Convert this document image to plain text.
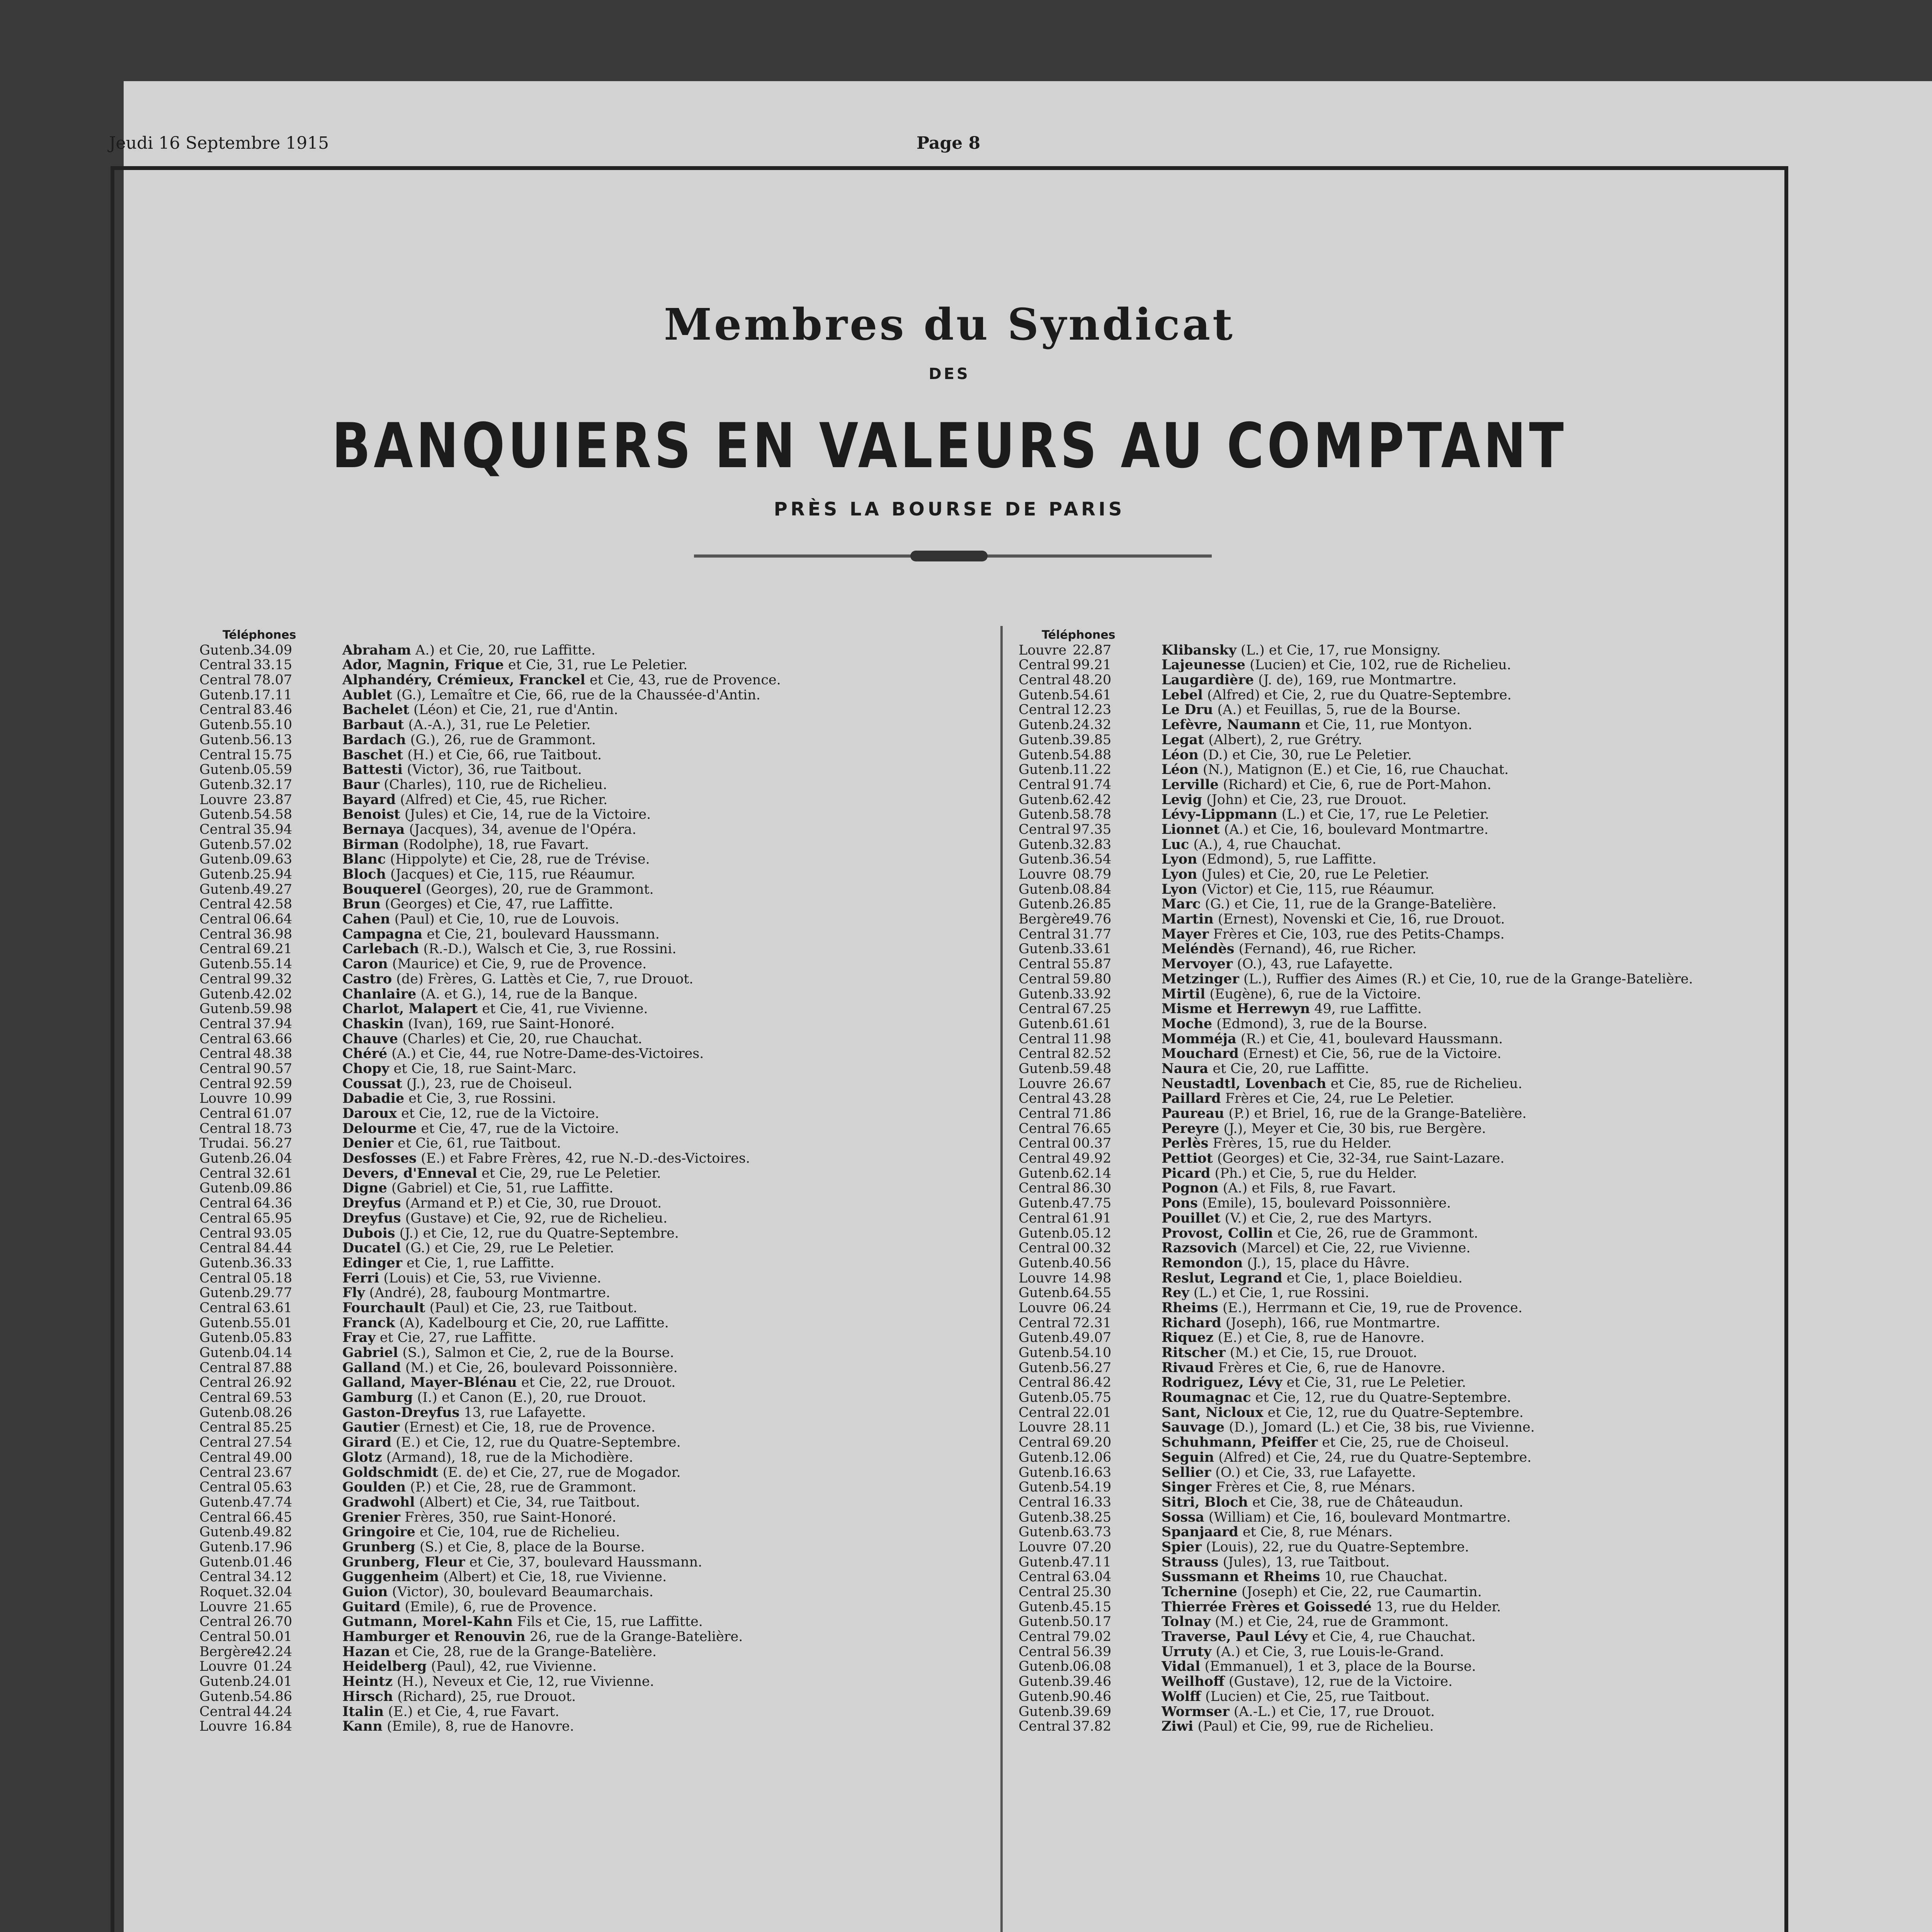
Jeudi 16 Septembre 1915	Page 8
Membres du Syndicat
DES
BANQUIERS EN VALEURS AU COMPTANT
PRÈS LA BOURSE DE PARIS
Téléphones
Gutenb.34.09	Abraham A.) et Cie, 20, rue Laffitte.
Central 33.15	Ador, Magnin, Frique et Cie, 31, rue Le Peletier.
Central 78.07	Alphandéry, Crémieux, Franckel et Cie, 43, rue de Provence.
Gutenb.17.11	Aublet (G.), Lemaître et Cie, 66, rue de la Chaussée-d'Antin.
Central 83.46	Bachelet (Léon) et Cie, 21, rue d'Antin.
Gutenb.55.10	Barbaut (A.-A.), 31, rue Le Peletier.
Gutenb.56.13	Bardach (G.), 26, rue de Grammont.
Central 15.75	Baschet (H.) et Cie, 66, rue Taitbout.
Gutenb.05.59	Battesti (Victor), 36, rue Taitbout.
Gutenb.32.17	Baur (Charles), 110, rue de Richelieu.
Louvre 23.87	Bayard (Alfred) et Cie, 45, rue Richer.
Gutenb.54.58	Benoist (Jules) et Cie, 14, rue de la Victoire.
Central 35.94	Bernaya (Jacques), 34, avenue de l'Opéra.
Gutenb.57.02	Birman (Rodolphe), 18, rue Favart.
Gutenb.09.63	Blanc (Hippolyte) et Cie, 28, rue de Trévise.
Gutenb.25.94	Bloch (Jacques) et Cie, 115, rue Réaumur.
Gutenb.49.27	Bouquerel (Georges), 20, rue de Grammont.
Central 42.58	Brun (Georges) et Cie, 47, rue Laffitte.
Central 06.64	Cahen (Paul) et Cie, 10, rue de Louvois.
Central 36.98	Campagna et Cie, 21, boulevard Haussmann.
Central 69.21	Carlebach (R.-D.), Walsch et Cie, 3, rue Rossini.
Gutenb.55.14	Caron (Maurice) et Cie, 9, rue de Provence.
Central 99.32	Castro (de) Frères, G. Lattès et Cie, 7, rue Drouot.
Gutenb.42.02	Chanlaire (A. et G.), 14, rue de la Banque.
Gutenb.59.98	Charlot, Malapert et Cie, 41, rue Vivienne.
Central 37.94	Chaskin (Ivan), 169, rue Saint-Honoré.
Central 63.66	Chauve (Charles) et Cie, 20, rue Chauchat.
Central 48.38	Chéré (A.) et Cie, 44, rue Notre-Dame-des-Victoires.
Central 90.57	Chopy et Cie, 18, rue Saint-Marc.
Central 92.59	Coussat (J.), 23, rue de Choiseul.
Louvre 10.99	Dabadie et Cie, 3, rue Rossini.
Central 61.07	Daroux et Cie, 12, rue de la Victoire.
Central 18.73	Delourme et Cie, 47, rue de la Victoire.
Trudai. 56.27	Denier et Cie, 61, rue Taitbout.
Gutenb.26.04	Desfosses (E.) et Fabre Frères, 42, rue N.-D.-des-Victoires.
Central 32.61	Devers, d'Enneval et Cie, 29, rue Le Peletier.
Gutenb.09.86	Digne (Gabriel) et Cie, 51, rue Laffitte.
Central 64.36	Dreyfus (Armand et P.) et Cie, 30, rue Drouot.
Central 65.95	Dreyfus (Gustave) et Cie, 92, rue de Richelieu.
Central 93.05	Dubois (J.) et Cie, 12, rue du Quatre-Septembre.
Central 84.44	Ducatel (G.) et Cie, 29, rue Le Peletier.
Gutenb.36.33	Edinger et Cie, 1, rue Laffitte.
Central 05.18	Ferri (Louis) et Cie, 53, rue Vivienne.
Gutenb.29.77	Fly (André), 28, faubourg Montmartre.
Central 63.61	Fourchault (Paul) et Cie, 23, rue Taitbout.
Gutenb.55.01	Franck (A), Kadelbourg et Cie, 20, rue Laffitte.
Gutenb.05.83	Fray et Cie, 27, rue Laffitte.
Gutenb.04.14	Gabriel (S.), Salmon et Cie, 2, rue de la Bourse.
Central 87.88	Galland (M.) et Cie, 26, boulevard Poissonnière.
Central 26.92	Galland, Mayer-Blénau et Cie, 22, rue Drouot.
Central 69.53	Gamburg (I.) et Canon (E.), 20, rue Drouot.
Gutenb.08.26	Gaston-Dreyfus 13, rue Lafayette.
Central 85.25	Gautier (Ernest) et Cie, 18, rue de Provence.
Central 27.54	Girard (E.) et Cie, 12, rue du Quatre-Septembre.
Central 49.00	Glotz (Armand), 18, rue de la Michodière.
Central 23.67	Goldschmidt (E. de) et Cie, 27, rue de Mogador.
Central 05.63	Goulden (P.) et Cie, 28, rue de Grammont.
Gutenb.47.74	Gradwohl (Albert) et Cie, 34, rue Taitbout.
Central 66.45	Grenier Frères, 350, rue Saint-Honoré.
Gutenb.49.82	Gringoire et Cie, 104, rue de Richelieu.
Gutenb.17.96	Grunberg (S.) et Cie, 8, place de la Bourse.
Gutenb.01.46	Grunberg, Fleur et Cie, 37, boulevard Haussmann.
Central 34.12	Guggenheim (Albert) et Cie, 18, rue Vivienne.
Roquet.32.04	Guion (Victor), 30, boulevard Beaumarchais.
Louvre 21.65	Guitard (Emile), 6, rue de Provence.
Central 26.70	Gutmann, Morel-Kahn Fils et Cie, 15, rue Laffitte.
Central 50.01	Hamburger et Renouvin 26, rue de la Grange-Batelière.
Bergère42.24	Hazan et Cie, 28, rue de la Grange-Batelière.
Louvre 01.24	Heidelberg (Paul), 42, rue Vivienne.
Gutenb.24.01	Heintz (H.), Neveux et Cie, 12, rue Vivienne.
Gutenb.54.86	Hirsch (Richard), 25, rue Drouot.
Central 44.24	Italin (E.) et Cie, 4, rue Favart.
Louvre 16.84	Kann (Emile), 8, rue de Hanovre.
Téléphones
Louvre 22.87	Klibansky (L.) et Cie, 17, rue Monsigny.
Central 99.21	Lajeunesse (Lucien) et Cie, 102, rue de Richelieu.
Central 48.20	Laugardière (J. de), 169, rue Montmartre.
Gutenb.54.61	Lebel (Alfred) et Cie, 2, rue du Quatre-Septembre.
Central 12.23	Le Dru (A.) et Feuillas, 5, rue de la Bourse.
Gutenb.24.32	Lefèvre, Naumann et Cie, 11, rue Montyon.
Gutenb.39.85	Legat (Albert), 2, rue Grétry.
Gutenb.54.88	Léon (D.) et Cie, 30, rue Le Peletier.
Gutenb.11.22	Léon (N.), Matignon (E.) et Cie, 16, rue Chauchat.
Central 91.74	Lerville (Richard) et Cie, 6, rue de Port-Mahon.
Gutenb.62.42	Levig (John) et Cie, 23, rue Drouot.
Gutenb.58.78	Lévy-Lippmann (L.) et Cie, 17, rue Le Peletier.
Central 97.35	Lionnet (A.) et Cie, 16, boulevard Montmartre.
Gutenb.32.83	Luc (A.), 4, rue Chauchat.
Gutenb.36.54	Lyon (Edmond), 5, rue Laffitte.
Louvre 08.79	Lyon (Jules) et Cie, 20, rue Le Peletier.
Gutenb.08.84	Lyon (Victor) et Cie, 115, rue Réaumur.
Gutenb.26.85	Marc (G.) et Cie, 11, rue de la Grange-Batelière.
Bergère49.76	Martin (Ernest), Novenski et Cie, 16, rue Drouot.
Central 31.77	Mayer Frères et Cie, 103, rue des Petits-Champs.
Gutenb.33.61	Meléndès (Fernand), 46, rue Richer.
Central 55.87	Mervoyer (O.), 43, rue Lafayette.
Central 59.80	Metzinger (L.), Ruffier des Aimes (R.) et Cie, 10, rue de la Grange-Batelière.
Gutenb.33.92	Mirtil (Eugène), 6, rue de la Victoire.
Central 67.25	Misme et Herrewyn 49, rue Laffitte.
Gutenb.61.61	Moche (Edmond), 3, rue de la Bourse.
Central 11.98	Momméja (R.) et Cie, 41, boulevard Haussmann.
Central 82.52	Mouchard (Ernest) et Cie, 56, rue de la Victoire.
Gutenb.59.48	Naura et Cie, 20, rue Laffitte.
Louvre 26.67	Neustadtl, Lovenbach et Cie, 85, rue de Richelieu.
Central 43.28	Paillard Frères et Cie, 24, rue Le Peletier.
Central 71.86	Paureau (P.) et Briel, 16, rue de la Grange-Batelière.
Central 76.65	Pereyre (J.), Meyer et Cie, 30 bis, rue Bergère.
Central 00.37	Perlès Frères, 15, rue du Helder.
Central 49.92	Pettiot (Georges) et Cie, 32-34, rue Saint-Lazare.
Gutenb.62.14	Picard (Ph.) et Cie, 5, rue du Helder.
Central 86.30	Pognon (A.) et Fils, 8, rue Favart.
Gutenb.47.75	Pons (Emile), 15, boulevard Poissonnière.
Central 61.91	Pouillet (V.) et Cie, 2, rue des Martyrs.
Gutenb.05.12	Provost, Collin et Cie, 26, rue de Grammont.
Central 00.32	Razsovich (Marcel) et Cie, 22, rue Vivienne.
Gutenb.40.56	Remondon (J.), 15, place du Hâvre.
Louvre 14.98	Reslut, Legrand et Cie, 1, place Boieldieu.
Gutenb.64.55	Rey (L.) et Cie, 1, rue Rossini.
Louvre 06.24	Rheims (E.), Herrmann et Cie, 19, rue de Provence.
Central 72.31	Richard (Joseph), 166, rue Montmartre.
Gutenb.49.07	Riquez (E.) et Cie, 8, rue de Hanovre.
Gutenb.54.10	Ritscher (M.) et Cie, 15, rue Drouot.
Gutenb.56.27	Rivaud Frères et Cie, 6, rue de Hanovre.
Central 86.42	Rodriguez, Lévy et Cie, 31, rue Le Peletier.
Gutenb.05.75	Roumagnac et Cie, 12, rue du Quatre-Septembre.
Central 22.01	Sant, Nicloux et Cie, 12, rue du Quatre-Septembre.
Louvre 28.11	Sauvage (D.), Jomard (L.) et Cie, 38 bis, rue Vivienne.
Central 69.20	Schuhmann, Pfeiffer et Cie, 25, rue de Choiseul.
Gutenb.12.06	Seguin (Alfred) et Cie, 24, rue du Quatre-Septembre.
Gutenb.16.63	Sellier (O.) et Cie, 33, rue Lafayette.
Gutenb.54.19	Singer Frères et Cie, 8, rue Ménars.
Central 16.33	Sitri, Bloch et Cie, 38, rue de Châteaudun.
Gutenb.38.25	Sossa (William) et Cie, 16, boulevard Montmartre.
Gutenb.63.73	Spanjaard et Cie, 8, rue Ménars.
Louvre 07.20	Spier (Louis), 22, rue du Quatre-Septembre.
Gutenb.47.11	Strauss (Jules), 13, rue Taitbout.
Central 63.04	Sussmann et Rheims 10, rue Chauchat.
Central 25.30	Tchernine (Joseph) et Cie, 22, rue Caumartin.
Gutenb.45.15	Thierrée Frères et Goissedé 13, rue du Helder.
Gutenb.50.17	Tolnay (M.) et Cie, 24, rue de Grammont.
Central 79.02	Traverse, Paul Lévy et Cie, 4, rue Chauchat.
Central 56.39	Urruty (A.) et Cie, 3, rue Louis-le-Grand.
Gutenb.06.08	Vidal (Emmanuel), 1 et 3, place de la Bourse.
Gutenb.39.46	Weilhoff (Gustave), 12, rue de la Victoire.
Gutenb.90.46	Wolff (Lucien) et Cie, 25, rue Taitbout.
Gutenb.39.69	Wormser (A.-L.) et Cie, 17, rue Drouot.
Central 37.82	Ziwi (Paul) et Cie, 99, rue de Richelieu.
